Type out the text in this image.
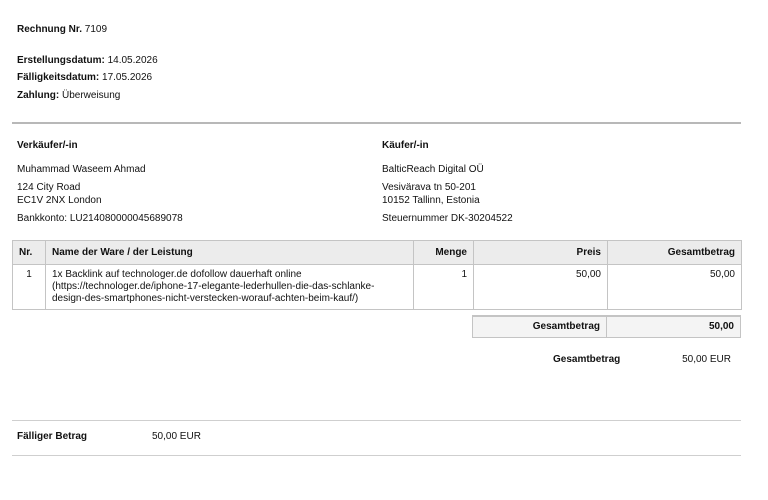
Rechnung Nr. 7109
Erstellungsdatum: 14.05.2026
Fälligkeitsdatum: 17.05.2026
Zahlung: Überweisung
Verkäufer/-in
Muhammad Waseem Ahmad
124 City Road
EC1V 2NX London
Bankkonto: LU214080000045689078
Käufer/-in
BalticReach Digital OÜ
Vesivärava tn 50-201
10152 Tallinn, Estonia
Steuernummer DK-30204522
Nr.	Name der Ware / der Leistung	Menge	Preis	Gesamtbetrag
1	1x Backlink auf technologer.de dofollow dauerhaft online
(https://technologer.de/iphone-17-elegante-lederhullen-die-das-schlanke-
design-des-smartphones-nicht-verstecken-worauf-achten-beim-kauf/)	1	50,00	50,00
Gesamtbetrag	50,00
Gesamtbetrag	50,00 EUR
Fälliger Betrag	50,00 EUR
